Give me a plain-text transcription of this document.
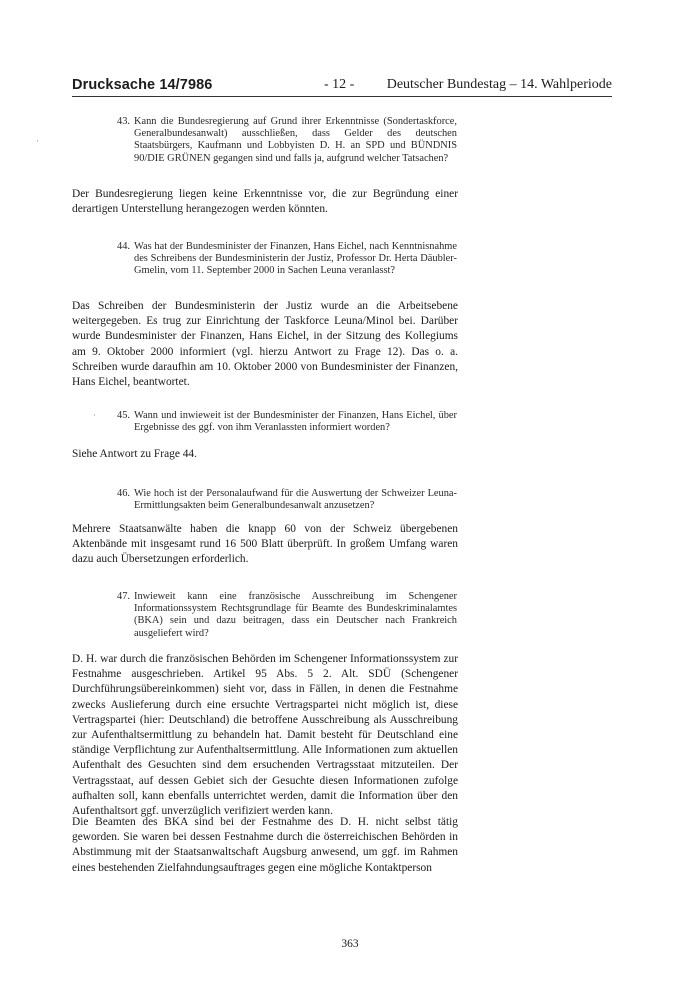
Drucksache 14/7986	- 12 - Deutscher Bundestag – 14. Wahlperiode
·
·
43. Kann die Bundesregierung auf Grund ihrer Erkenntnisse (Sondertaskforce, Generalbundesanwalt) ausschließen, dass Gelder des deutschen Staatsbürgers, Kaufmann und Lobbyisten D. H. an SPD und BÜNDNIS 90/DIE GRÜNEN gegangen sind und falls ja, aufgrund welcher Tatsachen?
Der Bundesregierung liegen keine Erkenntnisse vor, die zur Begründung einer derartigen Unterstellung herangezogen werden könnten.
44. Was hat der Bundesminister der Finanzen, Hans Eichel, nach Kenntnisnahme des Schreibens der Bundesministerin der Justiz, Professor Dr. Herta Däubler-Gmelin, vom 11. September 2000 in Sachen Leuna veranlasst?
Das Schreiben der Bundesministerin der Justiz wurde an die Arbeitsebene weitergegeben. Es trug zur Einrichtung der Taskforce Leuna/Minol bei. Darüber wurde Bundesminister der Finanzen, Hans Eichel, in der Sitzung des Kollegiums am 9. Oktober 2000 informiert (vgl. hierzu Antwort zu Frage 12). Das o. a. Schreiben wurde daraufhin am 10. Oktober 2000 von Bundesminister der Finanzen, Hans Eichel, beantwortet.
45. Wann und inwieweit ist der Bundesminister der Finanzen, Hans Eichel, über Ergebnisse des ggf. von ihm Veranlassten informiert worden?
Siehe Antwort zu Frage 44.
46. Wie hoch ist der Personalaufwand für die Auswertung der Schweizer Leuna-Ermittlungsakten beim Generalbundesanwalt anzusetzen?
Mehrere Staatsanwälte haben die knapp 60 von der Schweiz übergebenen Aktenbände mit insgesamt rund 16 500 Blatt überprüft. In großem Umfang waren dazu auch Übersetzungen erforderlich.
47. Inwieweit kann eine französische Ausschreibung im Schengener Informationssystem Rechtsgrundlage für Beamte des Bundeskriminalamtes (BKA) sein und dazu beitragen, dass ein Deutscher nach Frankreich ausgeliefert wird?
D. H. war durch die französischen Behörden im Schengener Informationssystem zur Festnahme ausgeschrieben. Artikel 95 Abs. 5 2. Alt. SDÜ (Schengener Durchführungsübereinkommen) sieht vor, dass in Fällen, in denen die Festnahme zwecks Auslieferung durch eine ersuchte Vertragspartei nicht möglich ist, diese Vertragspartei (hier: Deutschland) die betroffene Ausschreibung als Ausschreibung zur Aufenthaltsermittlung zu behandeln hat. Damit besteht für Deutschland eine ständige Verpflichtung zur Aufenthaltsermittlung. Alle Informationen zum aktuellen Aufenthalt des Gesuchten sind dem ersuchenden Vertragsstaat mitzuteilen. Der Vertragsstaat, auf dessen Gebiet sich der Gesuchte diesen Informationen zufolge aufhalten soll, kann ebenfalls unterrichtet werden, damit die Information über den Aufenthaltsort ggf. unverzüglich verifiziert werden kann.
Die Beamten des BKA sind bei der Festnahme des D. H. nicht selbst tätig geworden. Sie waren bei dessen Festnahme durch die österreichischen Behörden in Abstimmung mit der Staatsanwaltschaft Augsburg anwesend, um ggf. im Rahmen eines bestehenden Zielfahndungsauftrages gegen eine mögliche Kontaktperson
363
